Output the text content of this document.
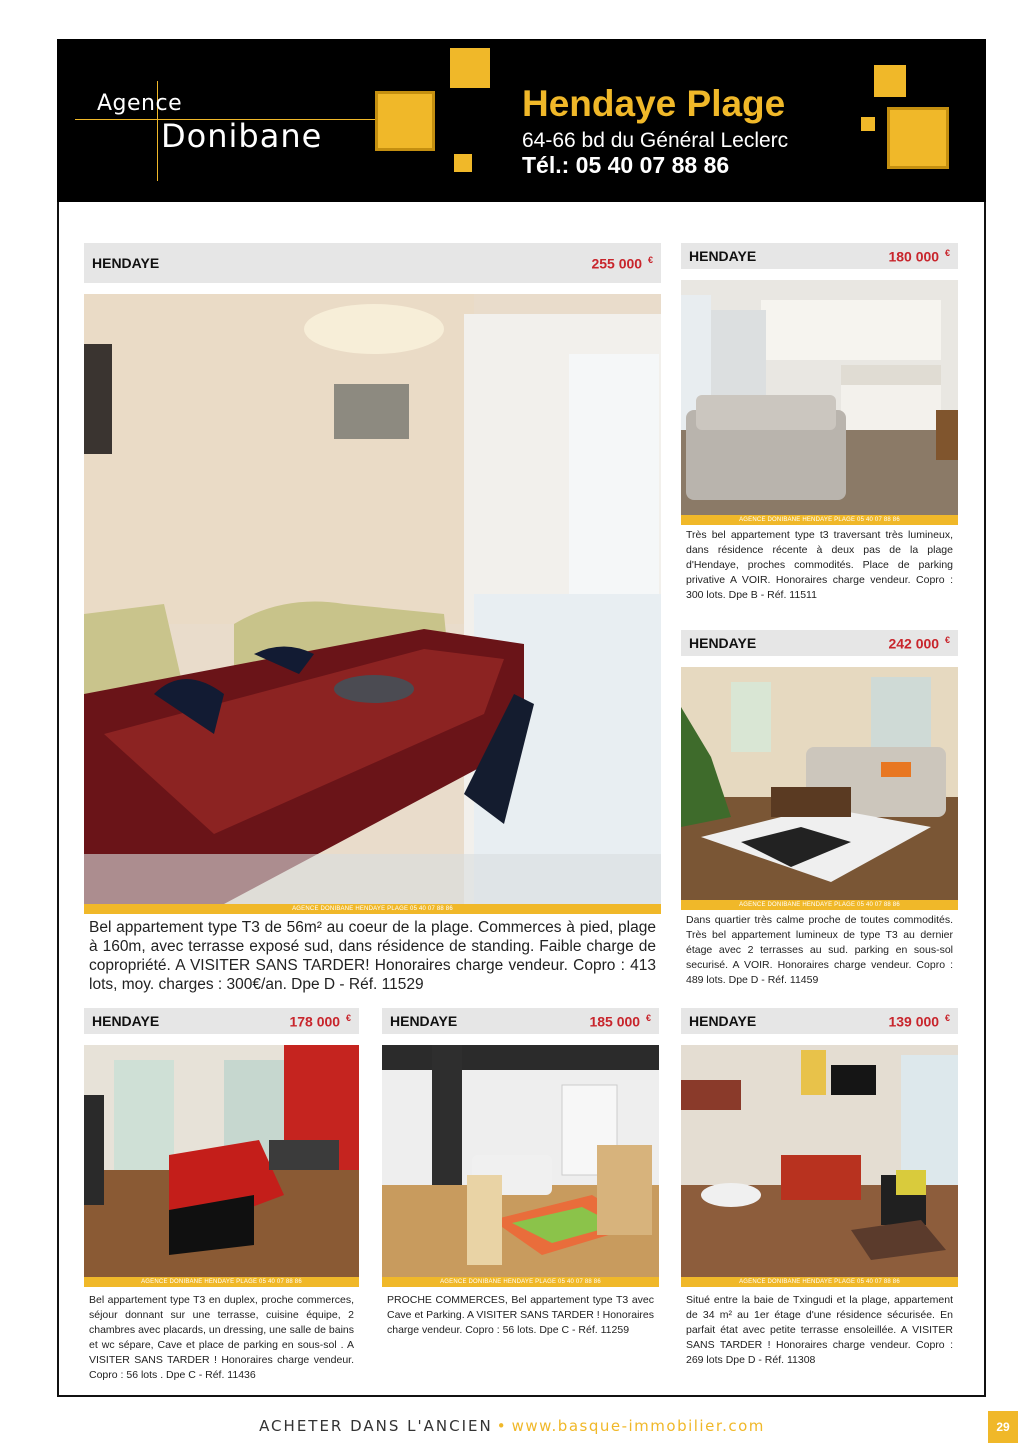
Agence
Donibane
Hendaye Plage
64-66 bd du Général Leclerc
Tél.: 05 40 07 88 86
HENDAYE	255 000 €
AGENCE DONIBANE HENDAYE PLAGE 05 40 07 88 86

Bel appartement type T3 de 56m² au coeur de la plage. Commerces à pied, plage à 160m, avec terrasse exposé sud, dans résidence de standing. Faible charge de copropriété. A VISITER SANS TARDER! Honoraires charge vendeur. Copro : 413 lots, moy. charges : 300€/an. Dpe D - Réf. 11529

HENDAYE	180 000 €
AGENCE DONIBANE HENDAYE PLAGE 05 40 07 88 86

Très bel appartement type t3 traversant très lumineux, dans résidence récente à deux pas de la plage d'Hendaye, proches commodités. Place de parking privative A VOIR. Honoraires charge vendeur. Copro : 300 lots. Dpe B - Réf. 11511

HENDAYE	242 000 €
AGENCE DONIBANE HENDAYE PLAGE 05 40 07 88 86

Dans quartier très calme proche de toutes commodités. Très bel appartement lumineux de type T3 au dernier étage avec 2 terrasses au sud. parking en sous-sol securisé. A VOIR. Honoraires charge vendeur. Copro : 489 lots. Dpe D - Réf. 11459

HENDAYE	178 000 €
AGENCE DONIBANE HENDAYE PLAGE 05 40 07 88 86

Bel appartement type T3 en duplex, proche commerces, séjour donnant sur une terrasse, cuisine équipe, 2 chambres avec placards, un dressing, une salle de bains et wc sépare, Cave et place de parking en sous-sol . A VISITER SANS TARDER ! Honoraires charge vendeur. Copro : 56 lots . Dpe C - Réf. 11436

HENDAYE	185 000 €
AGENCE DONIBANE HENDAYE PLAGE 05 40 07 88 86

PROCHE COMMERCES, Bel appartement type T3 avec Cave et Parking. A VISITER SANS TARDER ! Honoraires charge vendeur. Copro : 56 lots. Dpe C - Réf. 11259

HENDAYE	139 000 €
AGENCE DONIBANE HENDAYE PLAGE 05 40 07 88 86

Situé entre la baie de Txingudi et la plage, appartement de 34 m² au 1er étage d'une résidence sécurisée. En parfait état avec petite terrasse ensoleillée. A VISITER SANS TARDER ! Honoraires charge vendeur. Copro : 269 lots Dpe D - Réf. 11308

ACHETER DANS L'ANCIEN • www.basque-immobilier.com	29
